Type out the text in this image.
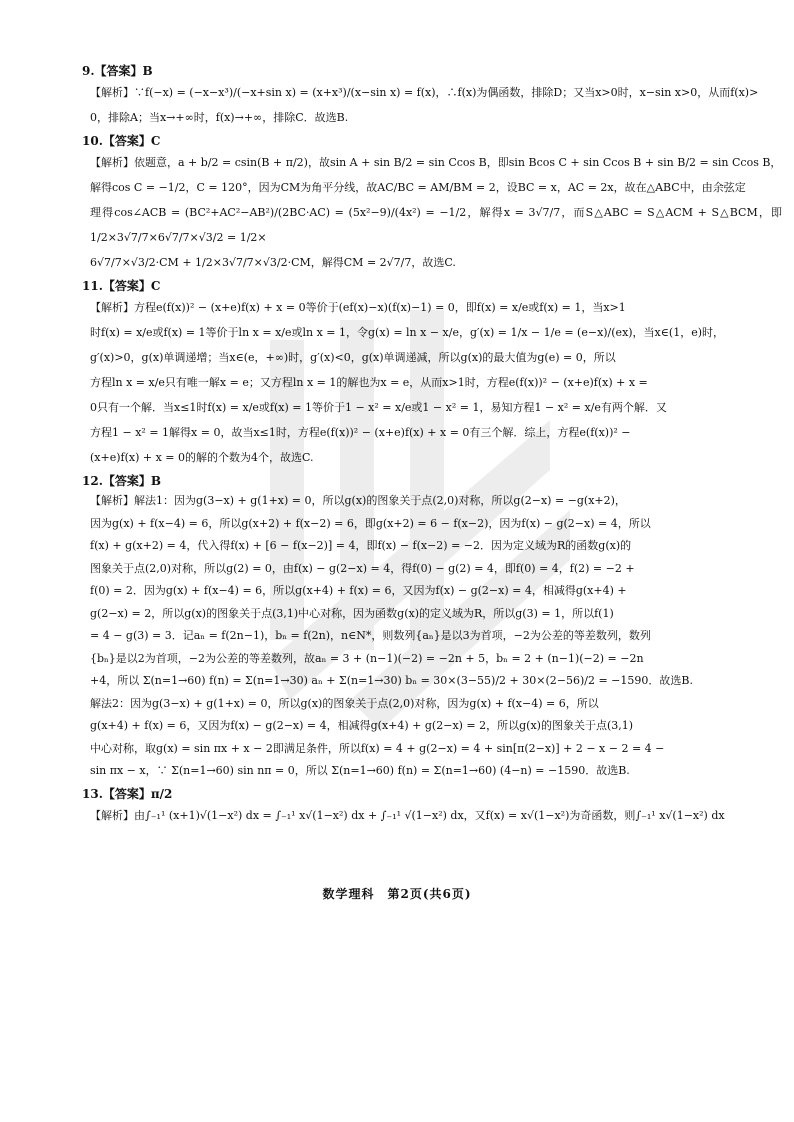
9.【答案】B

【解析】∵f(−x) = (−x−x³)/(−x+sin x) = (x+x³)/(x−sin x) = f(x)，∴f(x)为偶函数，排除D；又当x>0时，x−sin x>0，从而f(x)>

0，排除A；当x→+∞时，f(x)→+∞，排除C．故选B.

10.【答案】C

【解析】依题意，a + b/2 = csin(B + π/2)，故sin A + sin B/2 = sin Ccos B，即sin Bcos C + sin Ccos B + sin B/2 = sin Ccos B，

解得cos C = −1/2，C = 120°，因为CM为角平分线，故AC/BC = AM/BM = 2，设BC = x，AC = 2x，故在△ABC中，由余弦定

理得cos∠ACB = (BC²+AC²−AB²)/(2BC·AC) = (5x²−9)/(4x²) = −1/2，解得x = 3√7/7，而S△ABC = S△ACM + S△BCM，即1/2×3√7/7×6√7/7×√3/2 = 1/2×

6√7/7×√3/2·CM + 1/2×3√7/7×√3/2·CM，解得CM = 2√7/7，故选C.

11.【答案】C

【解析】方程e(f(x))² − (x+e)f(x) + x = 0等价于(ef(x)−x)(f(x)−1) = 0，即f(x) = x/e或f(x) = 1，当x>1

时f(x) = x/e或f(x) = 1等价于ln x = x/e或ln x = 1，令g(x) = ln x − x/e，g′(x) = 1/x − 1/e = (e−x)/(ex)，当x∈(1，e)时，

g′(x)>0，g(x)单调递增；当x∈(e，+∞)时，g′(x)<0，g(x)单调递减，所以g(x)的最大值为g(e) = 0，所以

方程ln x = x/e只有唯一解x = e；又方程ln x = 1的解也为x = e，从而x>1时，方程e(f(x))² − (x+e)f(x) + x =

0只有一个解．当x≤1时f(x) = x/e或f(x) = 1等价于1 − x² = x/e或1 − x² = 1，易知方程1 − x² = x/e有两个解．又

方程1 − x² = 1解得x = 0，故当x≤1时，方程e(f(x))² − (x+e)f(x) + x = 0有三个解．综上，方程e(f(x))² −

(x+e)f(x) + x = 0的解的个数为4个，故选C.

12.【答案】B

【解析】解法1：因为g(3−x) + g(1+x) = 0，所以g(x)的图象关于点(2,0)对称，所以g(2−x) = −g(x+2)，

因为g(x) + f(x−4) = 6，所以g(x+2) + f(x−2) = 6，即g(x+2) = 6 − f(x−2)，因为f(x) − g(2−x) = 4，所以

f(x) + g(x+2) = 4，代入得f(x) + [6 − f(x−2)] = 4，即f(x) − f(x−2) = −2．因为定义域为R的函数g(x)的

图象关于点(2,0)对称，所以g(2) = 0，由f(x) − g(2−x) = 4，得f(0) − g(2) = 4，即f(0) = 4，f(2) = −2 +

f(0) = 2．因为g(x) + f(x−4) = 6，所以g(x+4) + f(x) = 6，又因为f(x) − g(2−x) = 4，相减得g(x+4) +

g(2−x) = 2，所以g(x)的图象关于点(3,1)中心对称，因为函数g(x)的定义域为R，所以g(3) = 1，所以f(1)

= 4 − g(3) = 3．记aₙ = f(2n−1)，bₙ = f(2n)，n∈N*，则数列{aₙ}是以3为首项，−2为公差的等差数列，数列

{bₙ}是以2为首项，−2为公差的等差数列，故aₙ = 3 + (n−1)(−2) = −2n + 5，bₙ = 2 + (n−1)(−2) = −2n

+4，所以 Σ(n=1→60) f(n) = Σ(n=1→30) aₙ + Σ(n=1→30) bₙ = 30×(3−55)/2 + 30×(2−56)/2 = −1590．故选B.

解法2：因为g(3−x) + g(1+x) = 0，所以g(x)的图象关于点(2,0)对称，因为g(x) + f(x−4) = 6，所以

g(x+4) + f(x) = 6，又因为f(x) − g(2−x) = 4，相减得g(x+4) + g(2−x) = 2，所以g(x)的图象关于点(3,1)

中心对称，取g(x) = sin πx + x − 2即满足条件，所以f(x) = 4 + g(2−x) = 4 + sin[π(2−x)] + 2 − x − 2 = 4 −

sin πx − x，∵ Σ(n=1→60) sin nπ = 0，所以 Σ(n=1→60) f(n) = Σ(n=1→60) (4−n) = −1590．故选B.

13.【答案】π/2

【解析】由∫₋₁¹ (x+1)√(1−x²) dx = ∫₋₁¹ x√(1−x²) dx + ∫₋₁¹ √(1−x²) dx，又f(x) = x√(1−x²)为奇函数，则∫₋₁¹ x√(1−x²) dx

数学理科　第2页(共6页)
